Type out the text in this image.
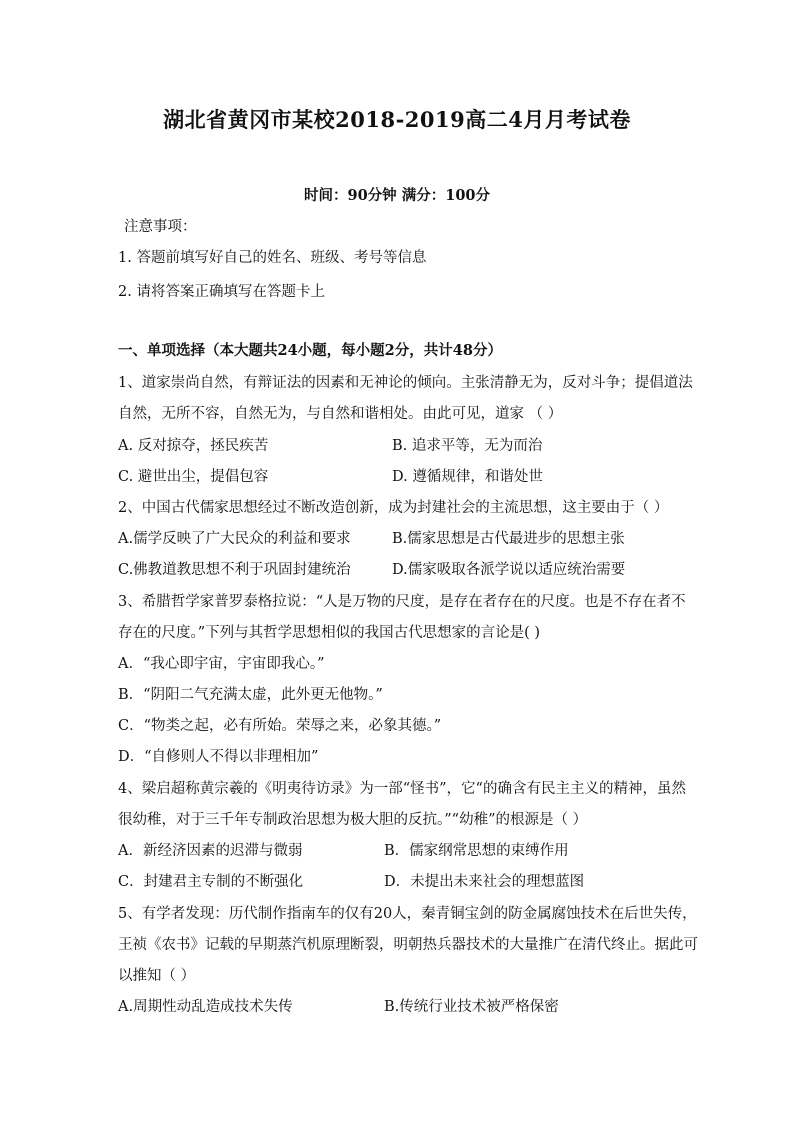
湖北省黄冈市某校2018-2019高二4月月考试卷
时间：90分钟 满分：100分
注意事项：
1. 答题前填写好自己的姓名、班级、考号等信息
2. 请将答案正确填写在答题卡上
一、单项选择（本大题共24小题，每小题2分，共计48分）
1、道家崇尚自然，有辩证法的因素和无神论的倾向。主张清静无为，反对斗争；提倡道法
自然，无所不容，自然无为，与自然和谐相处。由此可见，道家 （ ）
A. 反对掠夺，拯民疾苦	B. 追求平等，无为而治
C. 避世出尘，提倡包容	D. 遵循规律，和谐处世
2、中国古代儒家思想经过不断改造创新，成为封建社会的主流思想，这主要由于（ ）
A.儒学反映了广大民众的利益和要求	B.儒家思想是古代最进步的思想主张
C.佛教道教思想不利于巩固封建统治	D.儒家吸取各派学说以适应统治需要
3、希腊哲学家普罗泰格拉说：“人是万物的尺度，是存在者存在的尺度。也是不存在者不
存在的尺度。”下列与其哲学思想相似的我国古代思想家的言论是( )
A．“我心即宇宙，宇宙即我心。”
B．“阴阳二气充满太虚，此外更无他物。”
C．“物类之起，必有所始。荣辱之来，必象其德。”
D．“自修则人不得以非理相加”
4、梁启超称黄宗羲的《明夷待访录》为一部“怪书”，它“的确含有民主主义的精神，虽然
很幼稚，对于三千年专制政治思想为极大胆的反抗。”“幼稚”的根源是（ ）
A．新经济因素的迟滞与微弱	B．儒家纲常思想的束缚作用
C．封建君主专制的不断强化	D．未提出未来社会的理想蓝图
5、有学者发现：历代制作指南车的仅有20人，秦青铜宝剑的防金属腐蚀技术在后世失传，
王祯《农书》记载的早期蒸汽机原理断裂，明朝热兵器技术的大量推广在清代终止。据此可
以推知（ ）
A.周期性动乱造成技术失传	B.传统行业技术被严格保密
